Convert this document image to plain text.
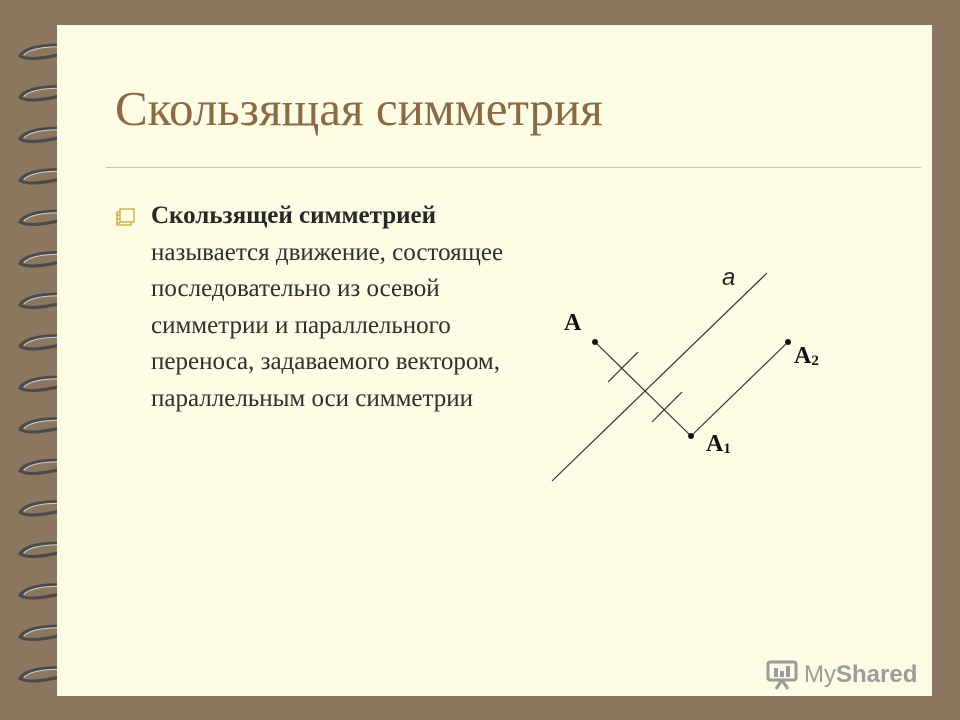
Скользящая симметрия

Скользящей симметрией называется движение, состоящее последовательно из осевой симметрии и параллельного переноса, задаваемого вектором, параллельным оси симметрии

a
A
A1
A2
MyShared
